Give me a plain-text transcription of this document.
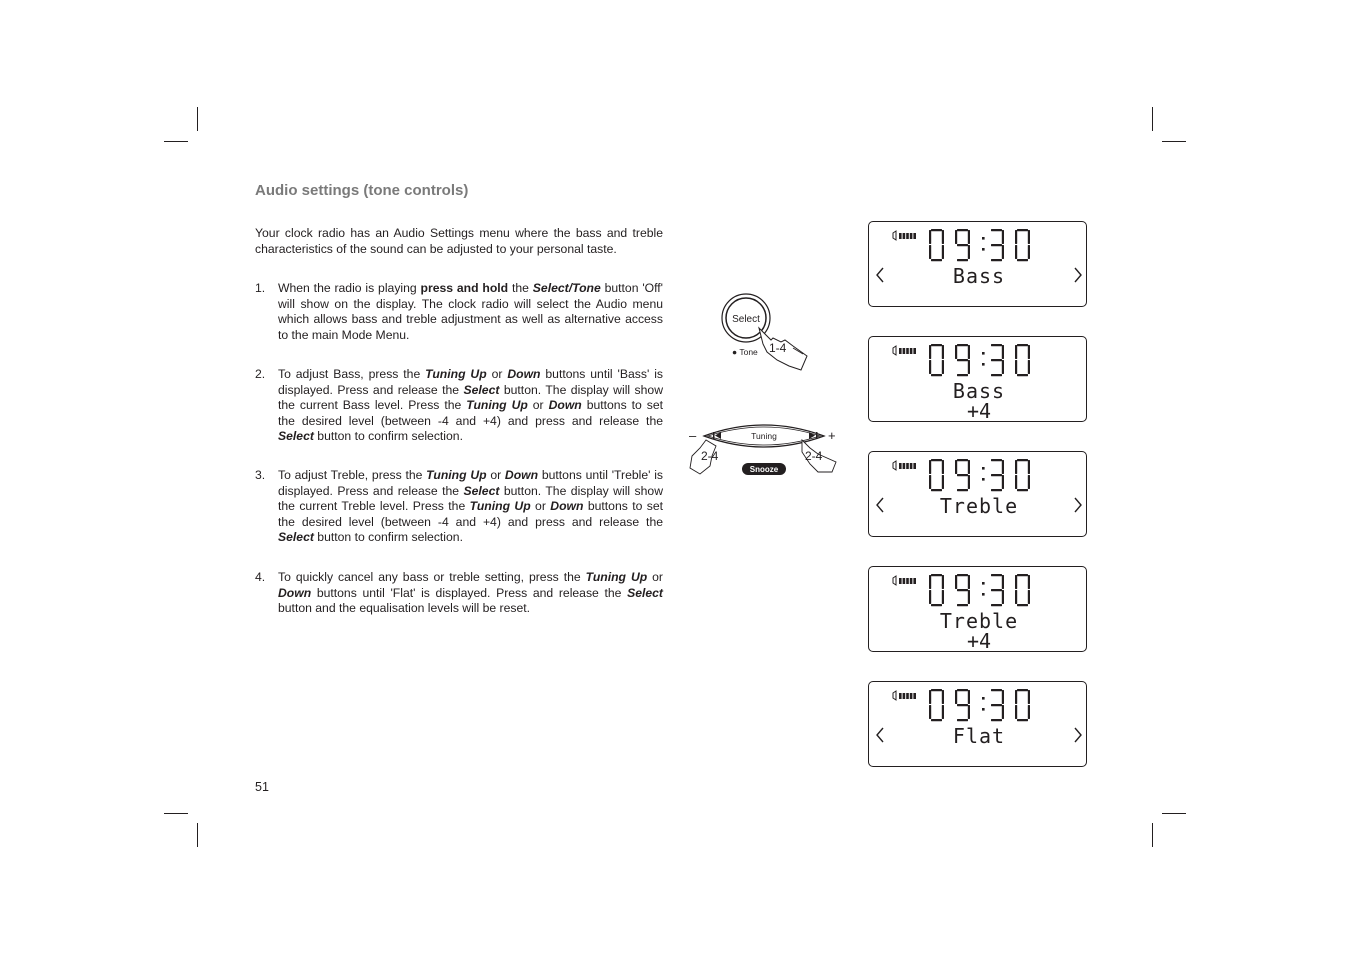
Audio settings (tone controls)
Your clock radio has an Audio Settings menu where the bass and treble characteristics of the sound can be adjusted to your personal taste.
1. When the radio is playing press and hold the Select/Tone button 'Off' will show on the display. The clock radio will select the Audio menu which allows bass and treble adjustment as well as alternative access to the main Mode Menu.
2. To adjust Bass, press the Tuning Up or Down buttons until 'Bass' is displayed. Press and release the Select button. The display will show the current Bass level. Press the Tuning Up or Down buttons to set the desired level (between -4 and +4) and press and release the Select button to confirm selection.
3. To adjust Treble, press the Tuning Up or Down buttons until 'Treble' is displayed. Press and release the Select button. The display will show the current Treble level. Press the Tuning Up or Down buttons to set the desired level (between -4 and +4) and press and release the Select button to confirm selection.
4. To quickly cancel any bass or treble setting, press the Tuning Up or Down buttons until 'Flat' is displayed. Press and release the Select button and the equalisation levels will be reset.
51
Select
● Tone 1-4
–	+
Tuning
2-4	2-4
Snooze
Bass
Bass
+4
Treble
Treble
+4
Flat
